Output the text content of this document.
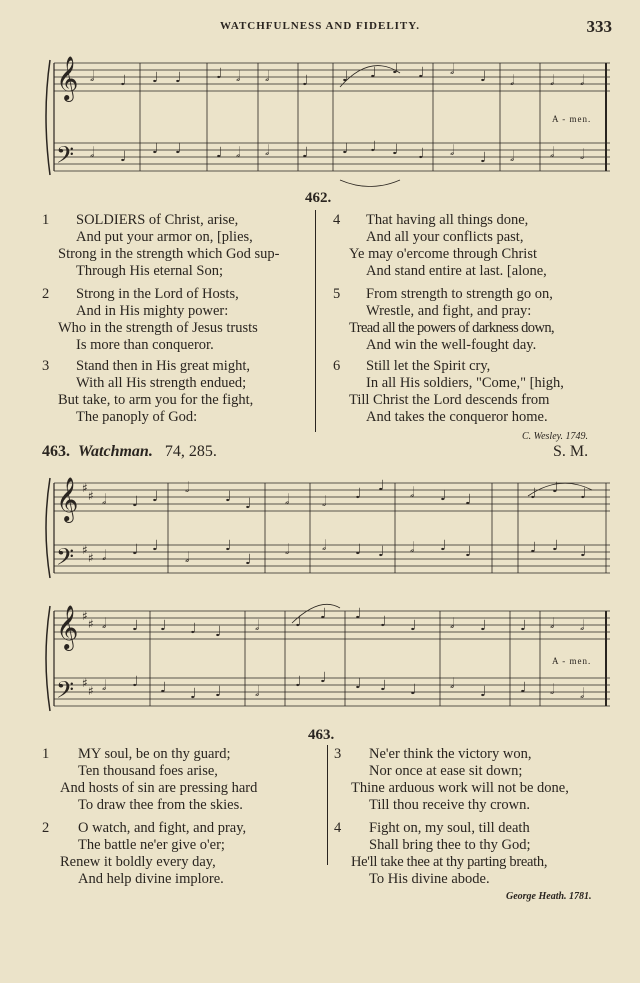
WATCHFULNESS AND FIDELITY.	333
𝄞
𝄢
𝅗𝅥 ♩ ♩ ♩ ♩ 𝅗𝅥 𝅗𝅥 ♩ ♩ ♩ ♩ ♩ 𝅗𝅥 ♩ 𝅗𝅥	𝅗𝅥 𝅗𝅥
𝅗𝅥 ♩ ♩ ♩ ♩ 𝅗𝅥 𝅗𝅥 ♩ ♩ ♩ ♩ ♩ 𝅗𝅥 ♩ 𝅗𝅥	𝅗𝅥 𝅗𝅥
A - men.
462.
1 SOLDIERS of Christ, arise,
And put your armor on, [plies,
Strong in the strength which God sup-
Through His eternal Son;
2 Strong in the Lord of Hosts,
And in His mighty power:
Who in the strength of Jesus trusts
Is more than conqueror.
3 Stand then in His great might,
With all His strength endued;
But take, to arm you for the fight,
The panoply of God:
4 That having all things done,
And all your conflicts past,
Ye may o'ercome through Christ
And stand entire at last. [alone,
5 From strength to strength go on,
Wrestle, and fight, and pray:
Tread all the powers of darkness down,
And win the well-fought day.
6 Still let the Spirit cry,
In all His soldiers, "Come," [high,
Till Christ the Lord descends from
And takes the conqueror home.
C. Wesley. 1749.
463. Watchman. 74, 285.	S. M.
𝄞
𝄢
𝄞
𝄢
♯
♯
♯
♯
♯
♯
♯
♯
𝅗𝅥 ♩ ♩
𝅗𝅥
♩ ♩ 𝅗𝅥 𝅗𝅥 ♩ ♩ 𝅗𝅥 ♩ ♩	♩ ♩ ♩
𝅗𝅥 ♩ ♩
𝅗𝅥
♩
♩
𝅗𝅥 𝅗𝅥 ♩ ♩ 𝅗𝅥 ♩ ♩	♩ ♩ ♩
𝅗𝅥 ♩ ♩ ♩ ♩ 𝅗𝅥	♩ ♩ ♩ ♩ ♩ 𝅗𝅥 ♩ ♩ 𝅗𝅥 𝅗𝅥
𝅗𝅥 ♩ ♩ ♩ ♩ 𝅗𝅥
♩ ♩ ♩ ♩ ♩ 𝅗𝅥 ♩ ♩ 𝅗𝅥 𝅗𝅥
A - men.
463.
1 MY soul, be on thy guard;
Ten thousand foes arise,
And hosts of sin are pressing hard
To draw thee from the skies.
2 O watch, and fight, and pray,
The battle ne'er give o'er;
Renew it boldly every day,
And help divine implore.
3 Ne'er think the victory won,
Nor once at ease sit down;
Thine arduous work will not be done,
Till thou receive thy crown.
4 Fight on, my soul, till death
Shall bring thee to thy God;
He'll take thee at thy parting breath,
To His divine abode.
George Heath. 1781.
